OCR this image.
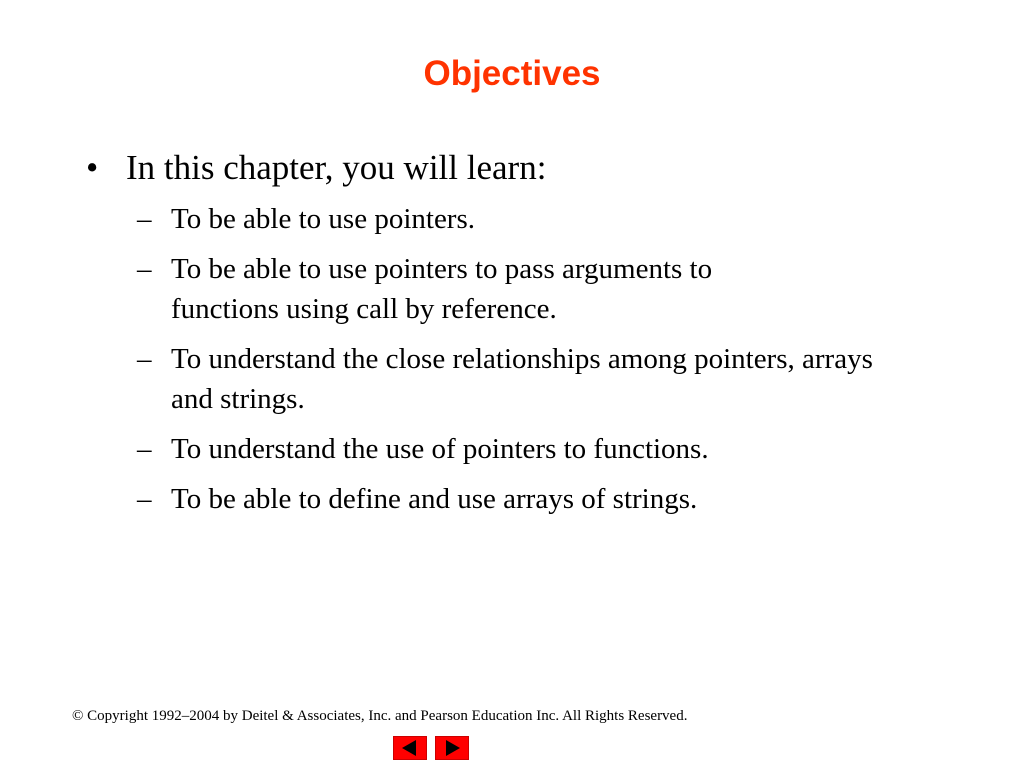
Objectives
• In this chapter, you will learn:
– To be able to use pointers.
– To be able to use pointers to pass arguments to functions using call by reference.
– To understand the close relationships among pointers, arrays and strings.
– To understand the use of pointers to functions.
– To be able to define and use arrays of strings.
© Copyright 1992–2004 by Deitel & Associates, Inc. and Pearson Education Inc. All Rights Reserved.
